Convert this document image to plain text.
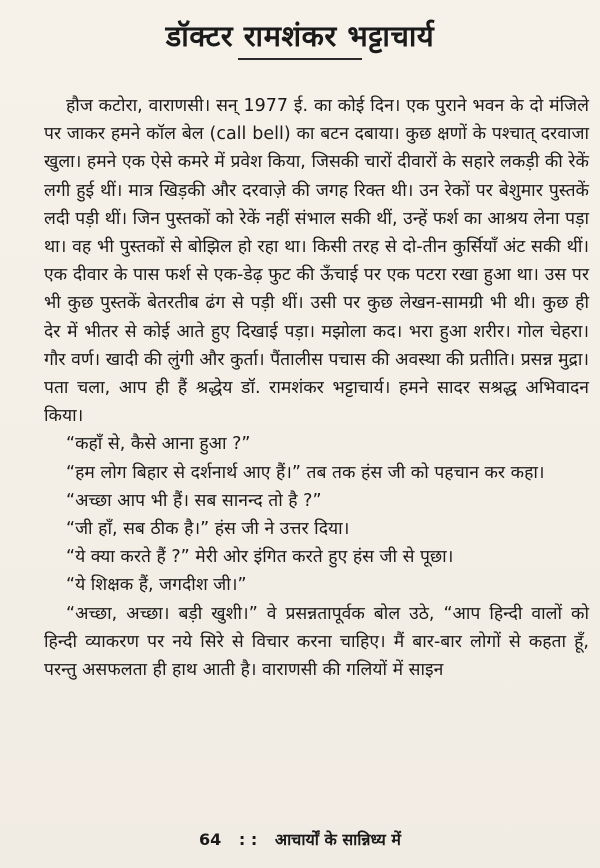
डॉक्टर रामशंकर भट्टाचार्य

हौज कटोरा, वाराणसी। सन् 1977 ई. का कोई दिन। एक पुराने भवन के दो मंजिले पर जाकर हमने कॉल बेल (call bell) का बटन दबाया। कुछ क्षणों के पश्चात् दरवाजा खुला। हमने एक ऐसे कमरे में प्रवेश किया, जिसकी चारों दीवारों के सहारे लकड़ी की रेकें लगी हुई थीं। मात्र खिड़की और दरवाज़े की जगह रिक्त थी। उन रेकों पर बेशुमार पुस्तकें लदी पड़ी थीं। जिन पुस्तकों को रेकें नहीं संभाल सकी थीं, उन्हें फर्श का आश्रय लेना पड़ा था। वह भी पुस्तकों से बोझिल हो रहा था। किसी तरह से दो-तीन कुर्सियाँ अंट सकी थीं। एक दीवार के पास फर्श से एक-डेढ़ फुट की ऊँचाई पर एक पटरा रखा हुआ था। उस पर भी कुछ पुस्तकें बेतरतीब ढंग से पड़ी थीं। उसी पर कुछ लेखन-सामग्री भी थी। कुछ ही देर में भीतर से कोई आते हुए दिखाई पड़ा। मझोला कद। भरा हुआ शरीर। गोल चेहरा। गौर वर्ण। खादी की लुंगी और कुर्ता। पैंतालीस पचास की अवस्था की प्रतीति। प्रसन्न मुद्रा। पता चला, आप ही हैं श्रद्धेय डॉ. रामशंकर भट्टाचार्य। हमने सादर सश्रद्ध अभिवादन किया।

“कहाँ से, कैसे आना हुआ ?”

“हम लोग बिहार से दर्शनार्थ आए हैं।” तब तक हंस जी को पहचान कर कहा।

“अच्छा आप भी हैं। सब सानन्द तो है ?”

“जी हाँ, सब ठीक है।” हंस जी ने उत्तर दिया।

“ये क्या करते हैं ?” मेरी ओर इंगित करते हुए हंस जी से पूछा।

“ये शिक्षक हैं, जगदीश जी।”

“अच्छा, अच्छा। बड़ी खुशी।” वे प्रसन्नतापूर्वक बोल उठे, “आप हिन्दी वालों को हिन्दी व्याकरण पर नये सिरे से विचार करना चाहिए। मैं बार-बार लोगों से कहता हूँ, परन्तु असफलता ही हाथ आती है। वाराणसी की गलियों में साइन

64 : : आचार्यों के सान्निध्य में
